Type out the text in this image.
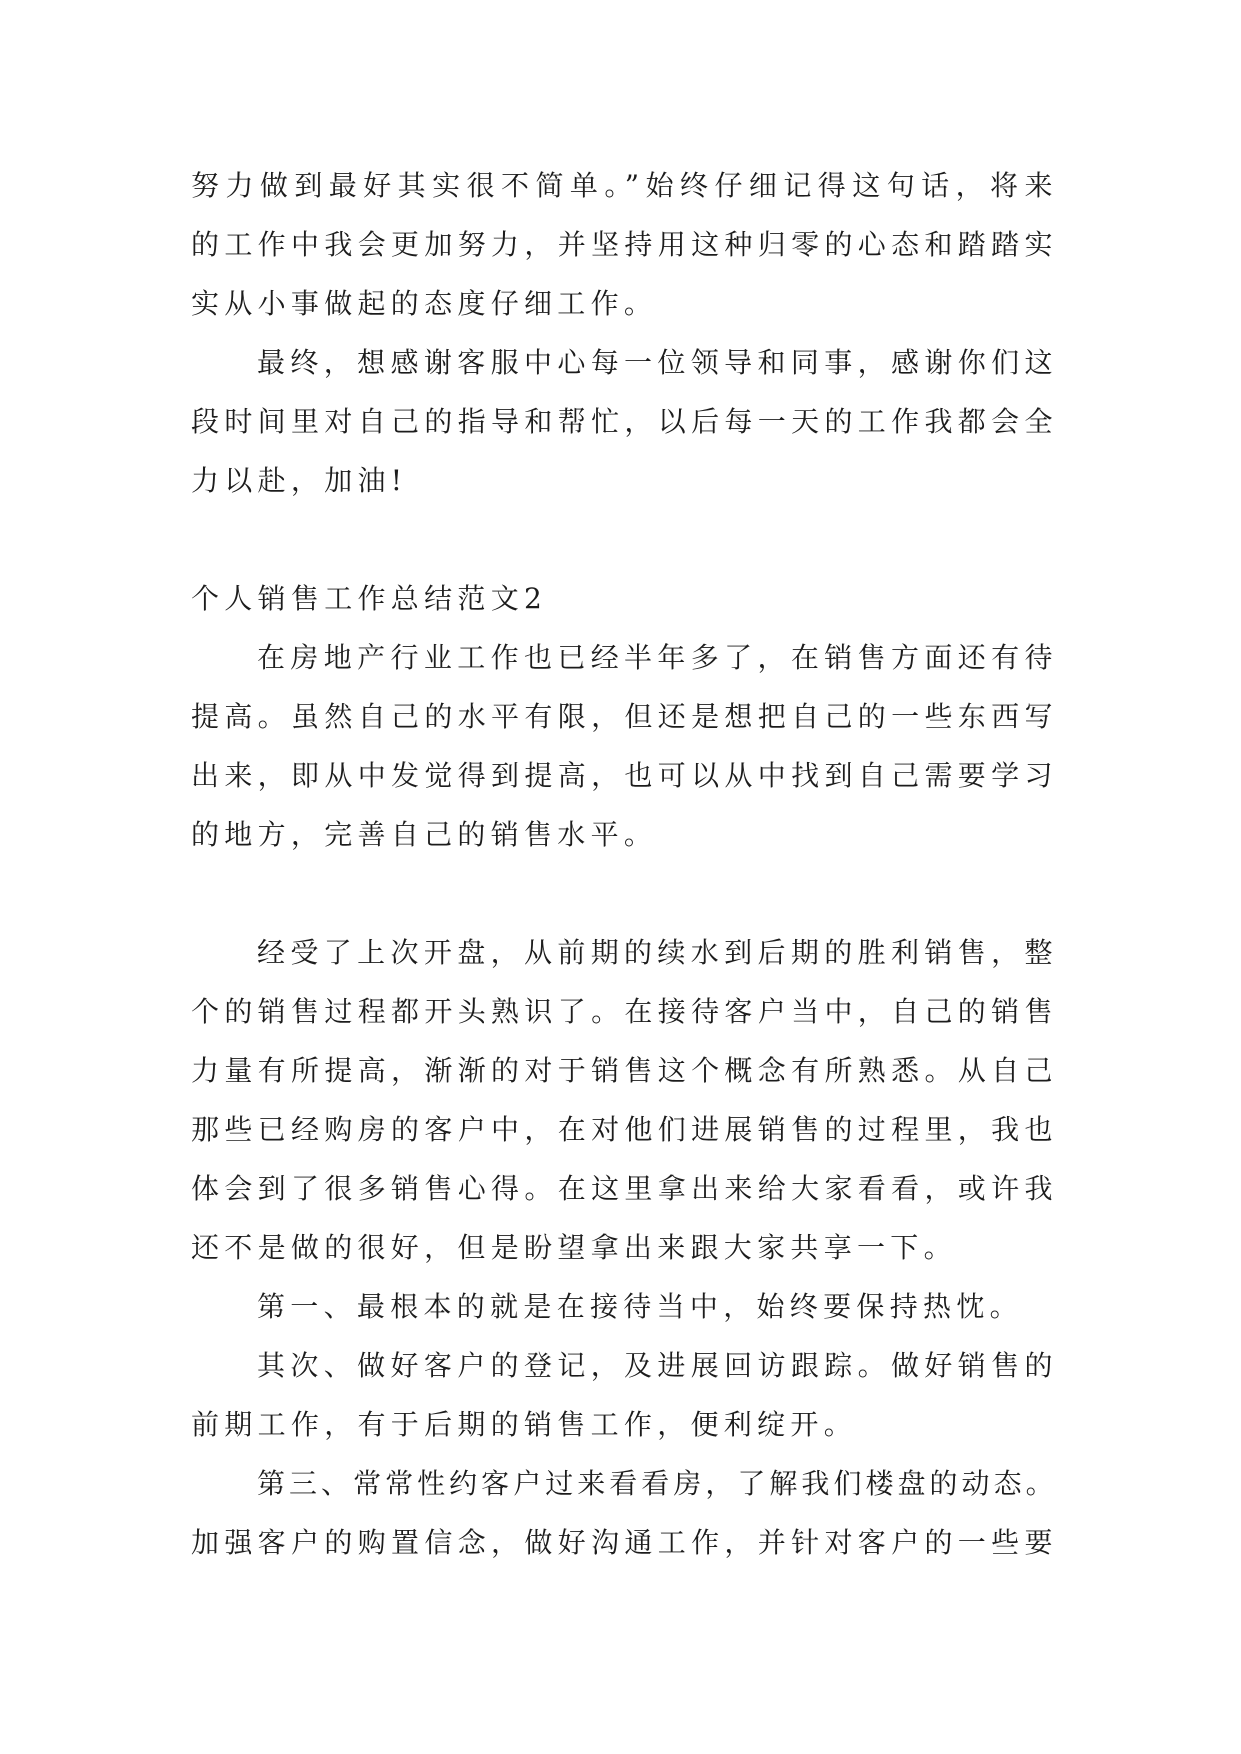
努力做到最好其实很不简单。”始终仔细记得这句话，将来
的工作中我会更加努力，并坚持用这种归零的心态和踏踏实
实从小事做起的态度仔细工作。
最终，想感谢客服中心每一位领导和同事，感谢你们这
段时间里对自己的指导和帮忙，以后每一天的工作我都会全
力以赴，加油!
个人销售工作总结范文2
在房地产行业工作也已经半年多了，在销售方面还有待
提高。虽然自己的水平有限，但还是想把自己的一些东西写
出来，即从中发觉得到提高，也可以从中找到自己需要学习
的地方，完善自己的销售水平。
经受了上次开盘，从前期的续水到后期的胜利销售，整
个的销售过程都开头熟识了。在接待客户当中，自己的销售
力量有所提高，渐渐的对于销售这个概念有所熟悉。从自己
那些已经购房的客户中，在对他们进展销售的过程里，我也
体会到了很多销售心得。在这里拿出来给大家看看，或许我
还不是做的很好，但是盼望拿出来跟大家共享一下。
第一、最根本的就是在接待当中，始终要保持热忱。
其次、做好客户的登记，及进展回访跟踪。做好销售的
前期工作，有于后期的销售工作，便利绽开。
第三、常常性约客户过来看看房，了解我们楼盘的动态。
加强客户的购置信念，做好沟通工作，并针对客户的一些要
